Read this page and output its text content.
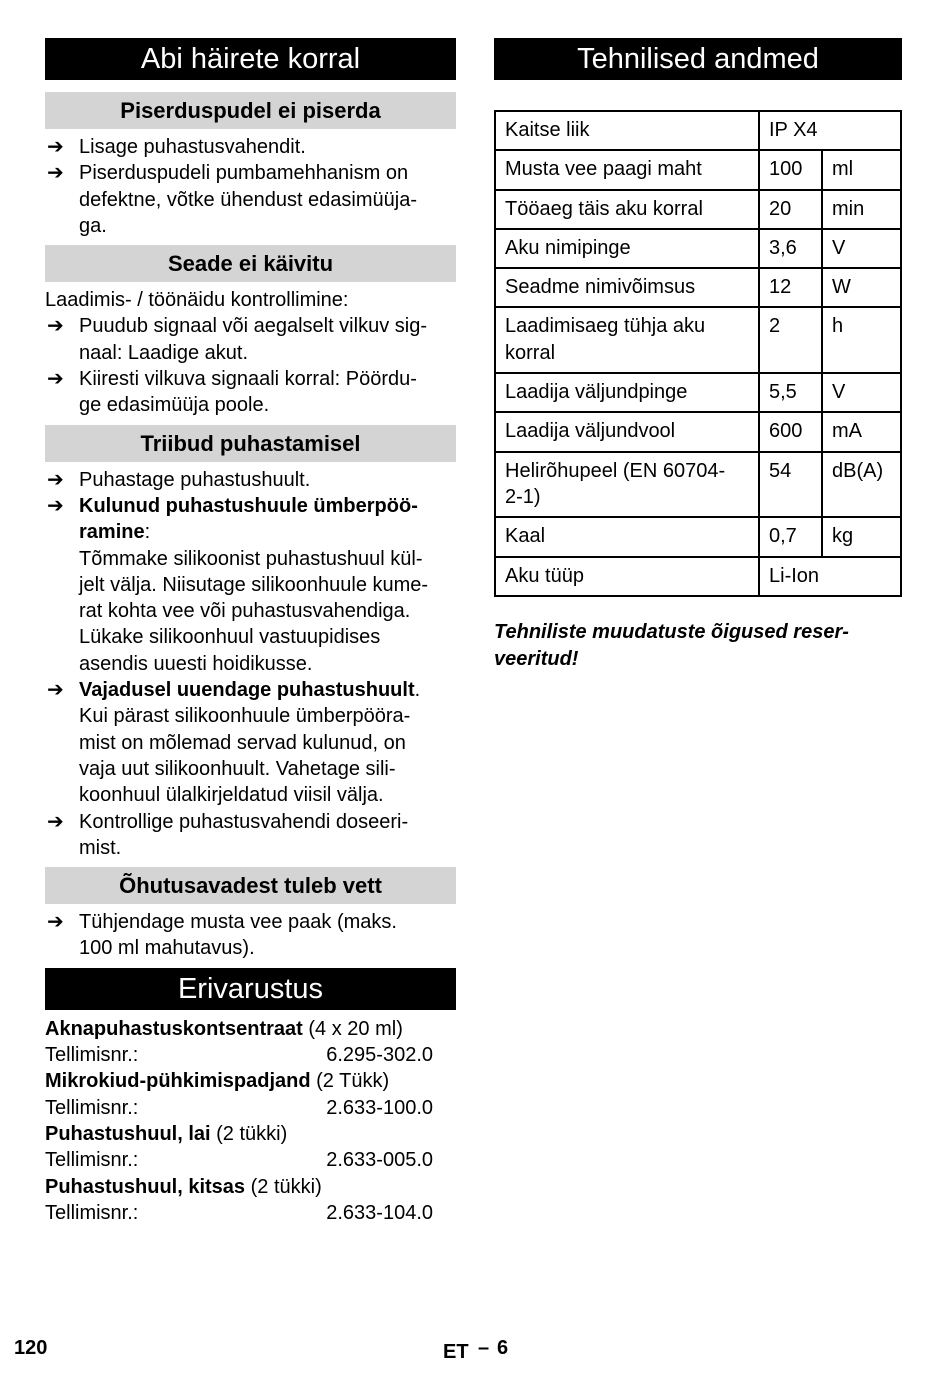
Abi häirete korral
Piserduspudel ei piserda
➔ Lisage puhastusvahendit.
➔ Piserduspudeli pumbamehhanism on
defektne, võtke ühendust edasimüüja-
ga.
Seade ei käivitu
Laadimis- / töönäidu kontrollimine:
➔ Puudub signaal või aegalselt vilkuv sig-
naal: Laadige akut.
➔ Kiiresti vilkuva signaali korral: Pöördu-
ge edasimüüja poole.
Triibud puhastamisel
➔ Puhastage puhastushuult.
➔ Kulunud puhastushuule ümberpöö-
ramine:
Tõmmake silikoonist puhastushuul kül-
jelt välja. Niisutage silikoonhuule kume-
rat kohta vee või puhastusvahendiga.
Lükake silikoonhuul vastuupidises
asendis uuesti hoidikusse.
➔ Vajadusel uuendage puhastushuult.
Kui pärast silikoonhuule ümberpööra-
mist on mõlemad servad kulunud, on
vaja uut silikoonhuult. Vahetage sili-
koonhuul ülalkirjeldatud viisil välja.
➔ Kontrollige puhastusvahendi doseeri-
mist.
Õhutusavadest tuleb vett
➔ Tühjendage musta vee paak (maks.
100 ml mahutavus).
Erivarustus
Aknapuhastuskontsentraat (4 x 20 ml)
Tellimisnr.:	6.295-302.0
Mikrokiud-pühkimispadjand (2 Tükk)
Tellimisnr.:	2.633-100.0
Puhastushuul, lai (2 tükki)
Tellimisnr.:	2.633-005.0
Puhastushuul, kitsas (2 tükki)
Tellimisnr.:	2.633-104.0
Tehnilised andmed
Kaitse liik	IP X4	
Musta vee paagi maht	100	ml
Tööaeg täis aku korral	20	min
Aku nimipinge	3,6	V
Seadme nimivõimsus	12	W
Laadimisaeg tühja aku
korral	2	h
Laadija väljundpinge	5,5	V
Laadija väljundvool	600	mA
Helirõhupeel (EN 60704-
2-1)	54	dB(A)
Kaal	0,7	kg
Aku tüüp	Li-Ion	
Tehniliste muudatuste õigused reser-
veeritud!
120	ET – 6
